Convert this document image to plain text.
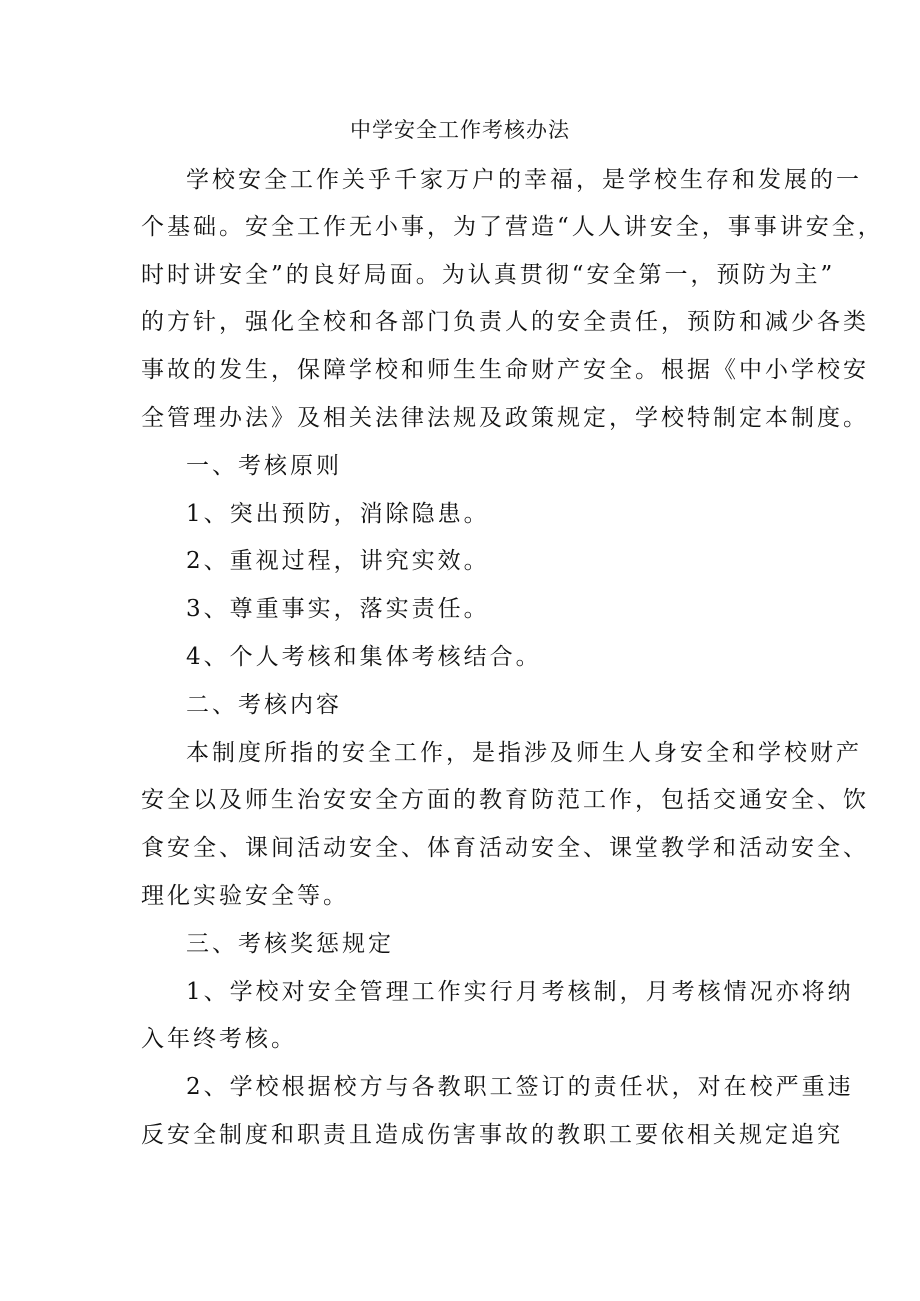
中学安全工作考核办法
学校安全工作关乎千家万户的幸福，是学校生存和发展的一
个基础。安全工作无小事，为了营造“人人讲安全，事事讲安全，
时时讲安全”的良好局面。为认真贯彻“安全第一，预防为主”
的方针，强化全校和各部门负责人的安全责任，预防和减少各类
事故的发生，保障学校和师生生命财产安全。根据《中小学校安
全管理办法》及相关法律法规及政策规定，学校特制定本制度。
一、考核原则
1、突出预防，消除隐患。
2、重视过程，讲究实效。
3、尊重事实，落实责任。
4、个人考核和集体考核结合。
二、考核内容
本制度所指的安全工作，是指涉及师生人身安全和学校财产
安全以及师生治安安全方面的教育防范工作，包括交通安全、饮
食安全、课间活动安全、体育活动安全、课堂教学和活动安全、
理化实验安全等。
三、考核奖惩规定
1、学校对安全管理工作实行月考核制，月考核情况亦将纳
入年终考核。
2、学校根据校方与各教职工签订的责任状，对在校严重违
反安全制度和职责且造成伤害事故的教职工要依相关规定追究
